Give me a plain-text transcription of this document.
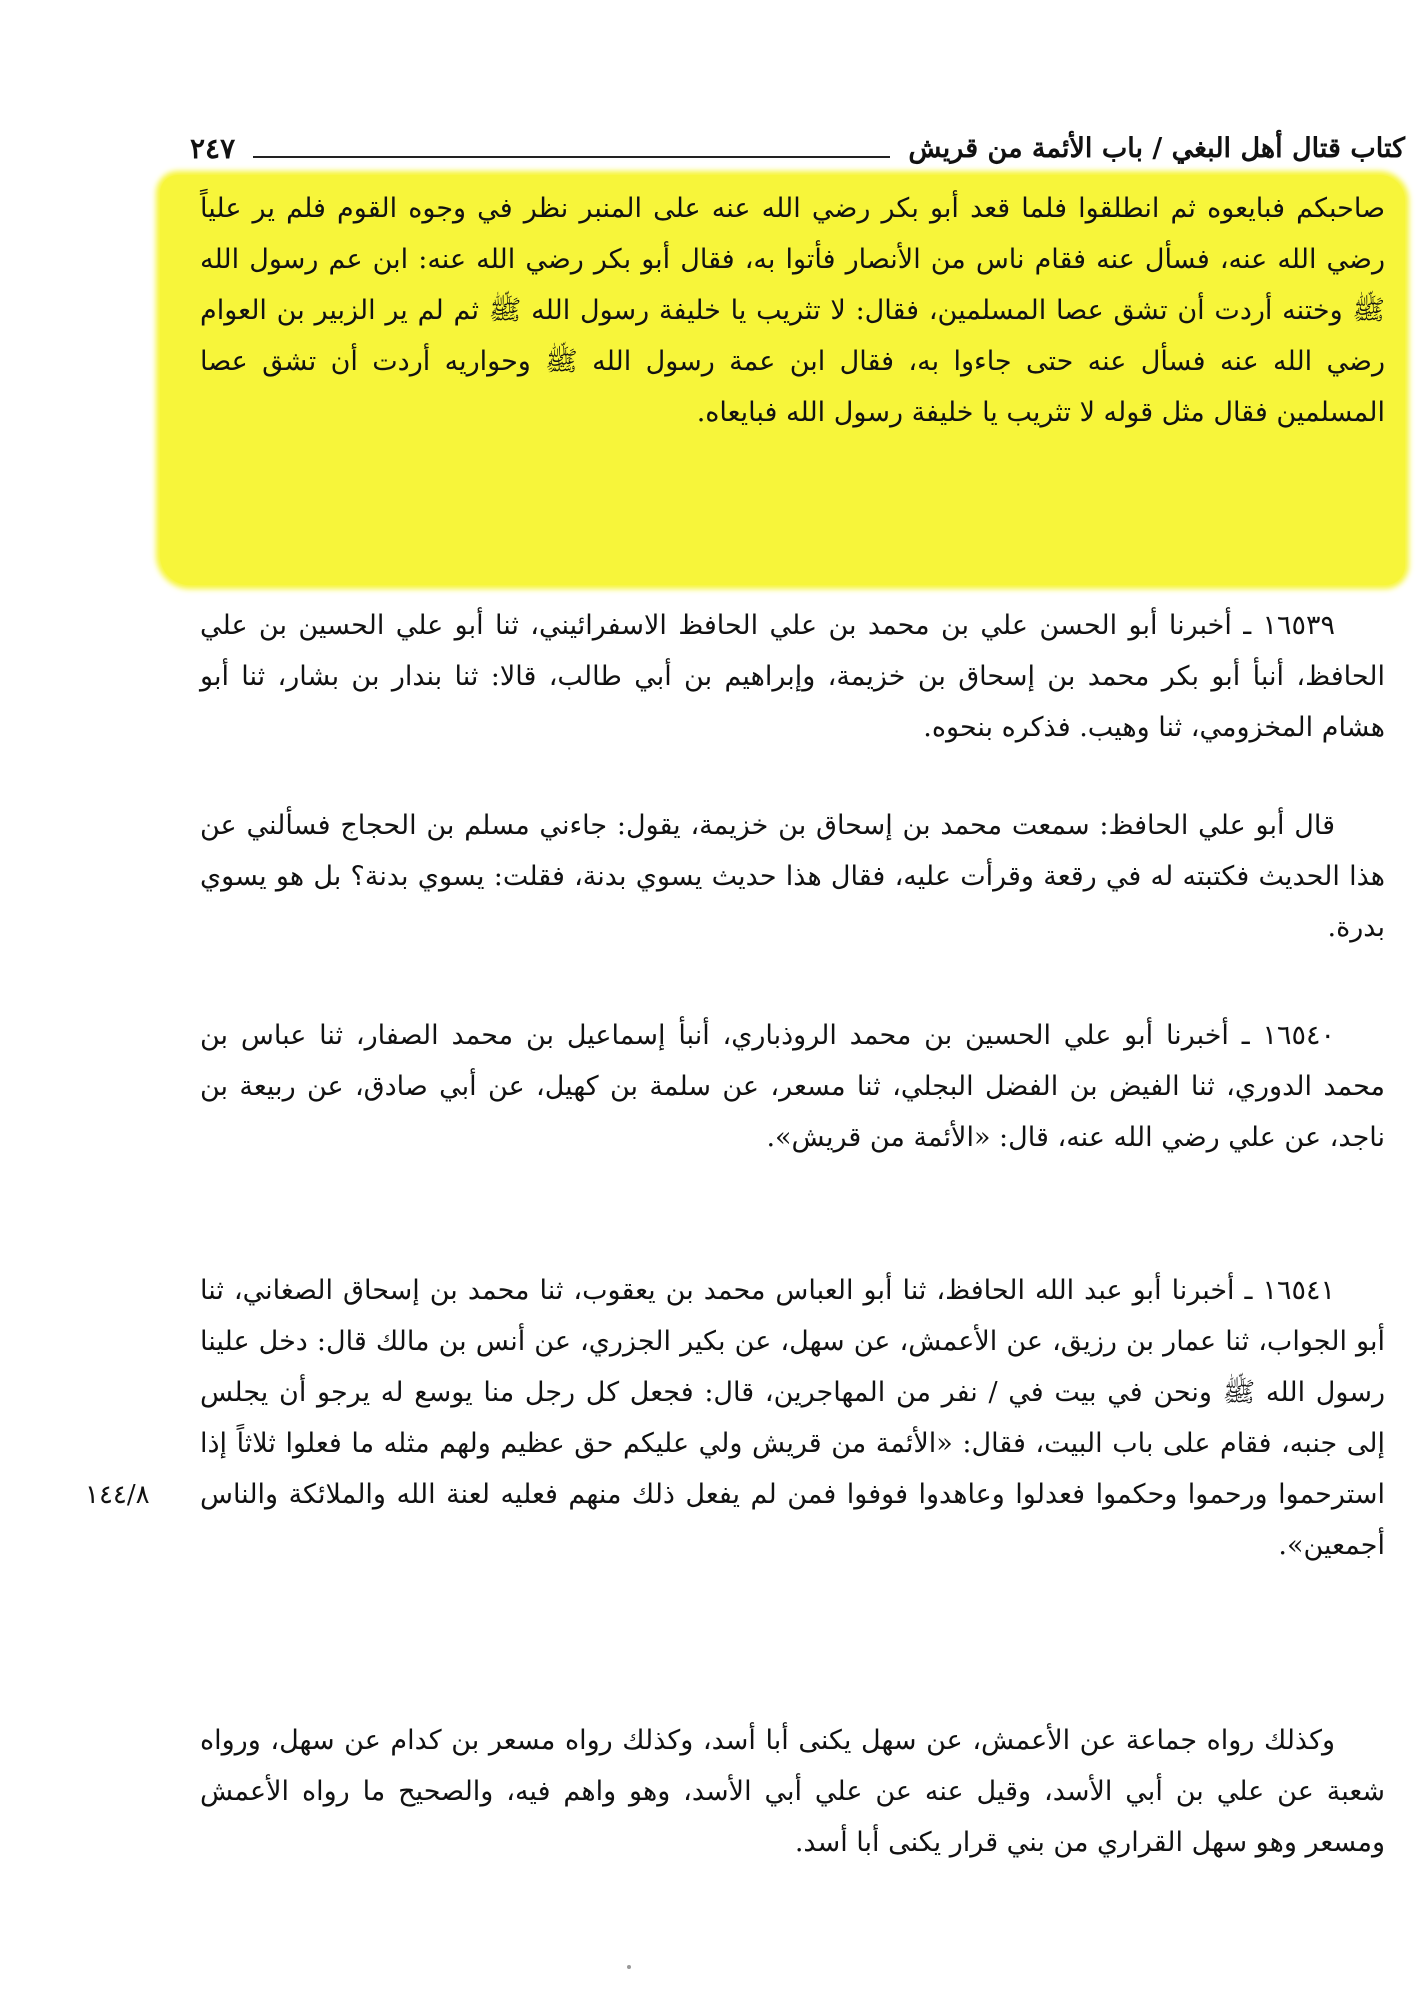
كتاب قتال أهل البغي / باب الأئمة من قريش
٢٤٧

صاحبكم فبايعوه ثم انطلقوا فلما قعد أبو بكر رضي الله عنه على المنبر نظر في وجوه القوم فلم ير علياً رضي الله عنه، فسأل عنه فقام ناس من الأنصار فأتوا به، فقال أبو بكر رضي الله عنه: ابن عم رسول الله ﷺ وختنه أردت أن تشق عصا المسلمين، فقال: لا تثريب يا خليفة رسول الله ﷺ ثم لم ير الزبير بن العوام رضي الله عنه فسأل عنه حتى جاءوا به، فقال ابن عمة رسول الله ﷺ وحواريه أردت أن تشق عصا المسلمين فقال مثل قوله لا تثريب يا خليفة رسول الله فبايعاه.

١٦٥٣٩ ـ أخبرنا أبو الحسن علي بن محمد بن علي الحافظ الاسفرائيني، ثنا أبو علي الحسين بن علي الحافظ، أنبأ أبو بكر محمد بن إسحاق بن خزيمة، وإبراهيم بن أبي طالب، قالا: ثنا بندار بن بشار، ثنا أبو هشام المخزومي، ثنا وهيب. فذكره بنحوه.

قال أبو علي الحافظ: سمعت محمد بن إسحاق بن خزيمة، يقول: جاءني مسلم بن الحجاج فسألني عن هذا الحديث فكتبته له في رقعة وقرأت عليه، فقال هذا حديث يسوي بدنة، فقلت: يسوي بدنة؟ بل هو يسوي بدرة.

١٦٥٤٠ ـ أخبرنا أبو علي الحسين بن محمد الروذباري، أنبأ إسماعيل بن محمد الصفار، ثنا عباس بن محمد الدوري، ثنا الفيض بن الفضل البجلي، ثنا مسعر، عن سلمة بن كهيل، عن أبي صادق، عن ربيعة بن ناجد، عن علي رضي الله عنه، قال: «الأئمة من قريش».

١٦٥٤١ ـ أخبرنا أبو عبد الله الحافظ، ثنا أبو العباس محمد بن يعقوب، ثنا محمد بن إسحاق الصغاني، ثنا أبو الجواب، ثنا عمار بن رزيق، عن الأعمش، عن سهل، عن بكير الجزري، عن أنس بن مالك قال: دخل علينا رسول الله ﷺ ونحن في بيت في / نفر من المهاجرين، قال: فجعل كل رجل منا يوسع له يرجو أن يجلس إلى جنبه، فقام على باب البيت، فقال: «الأئمة من قريش ولي عليكم حق عظيم ولهم مثله ما فعلوا ثلاثاً إذا استرحموا ورحموا وحكموا فعدلوا وعاهدوا فوفوا فمن لم يفعل ذلك منهم فعليه لعنة الله والملائكة والناس أجمعين».

وكذلك رواه جماعة عن الأعمش، عن سهل يكنى أبا أسد، وكذلك رواه مسعر بن كدام عن سهل، ورواه شعبة عن علي بن أبي الأسد، وقيل عنه عن علي أبي الأسد، وهو واهم فيه، والصحيح ما رواه الأعمش ومسعر وهو سهل القراري من بني قرار يكنى أبا أسد.

١٤٤/٨
